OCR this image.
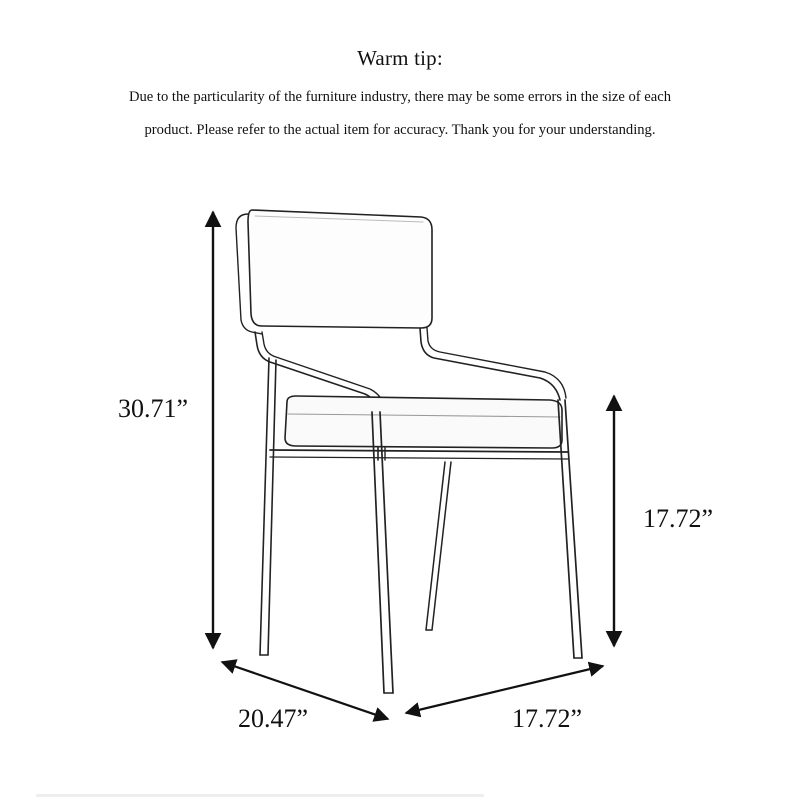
Warm tip:
Due to the particularity of the furniture industry, there may be some errors in the size of each
product. Please refer to the actual item for accuracy. Thank you for your understanding.
30.71”
17.72”
20.47”	17.72”
